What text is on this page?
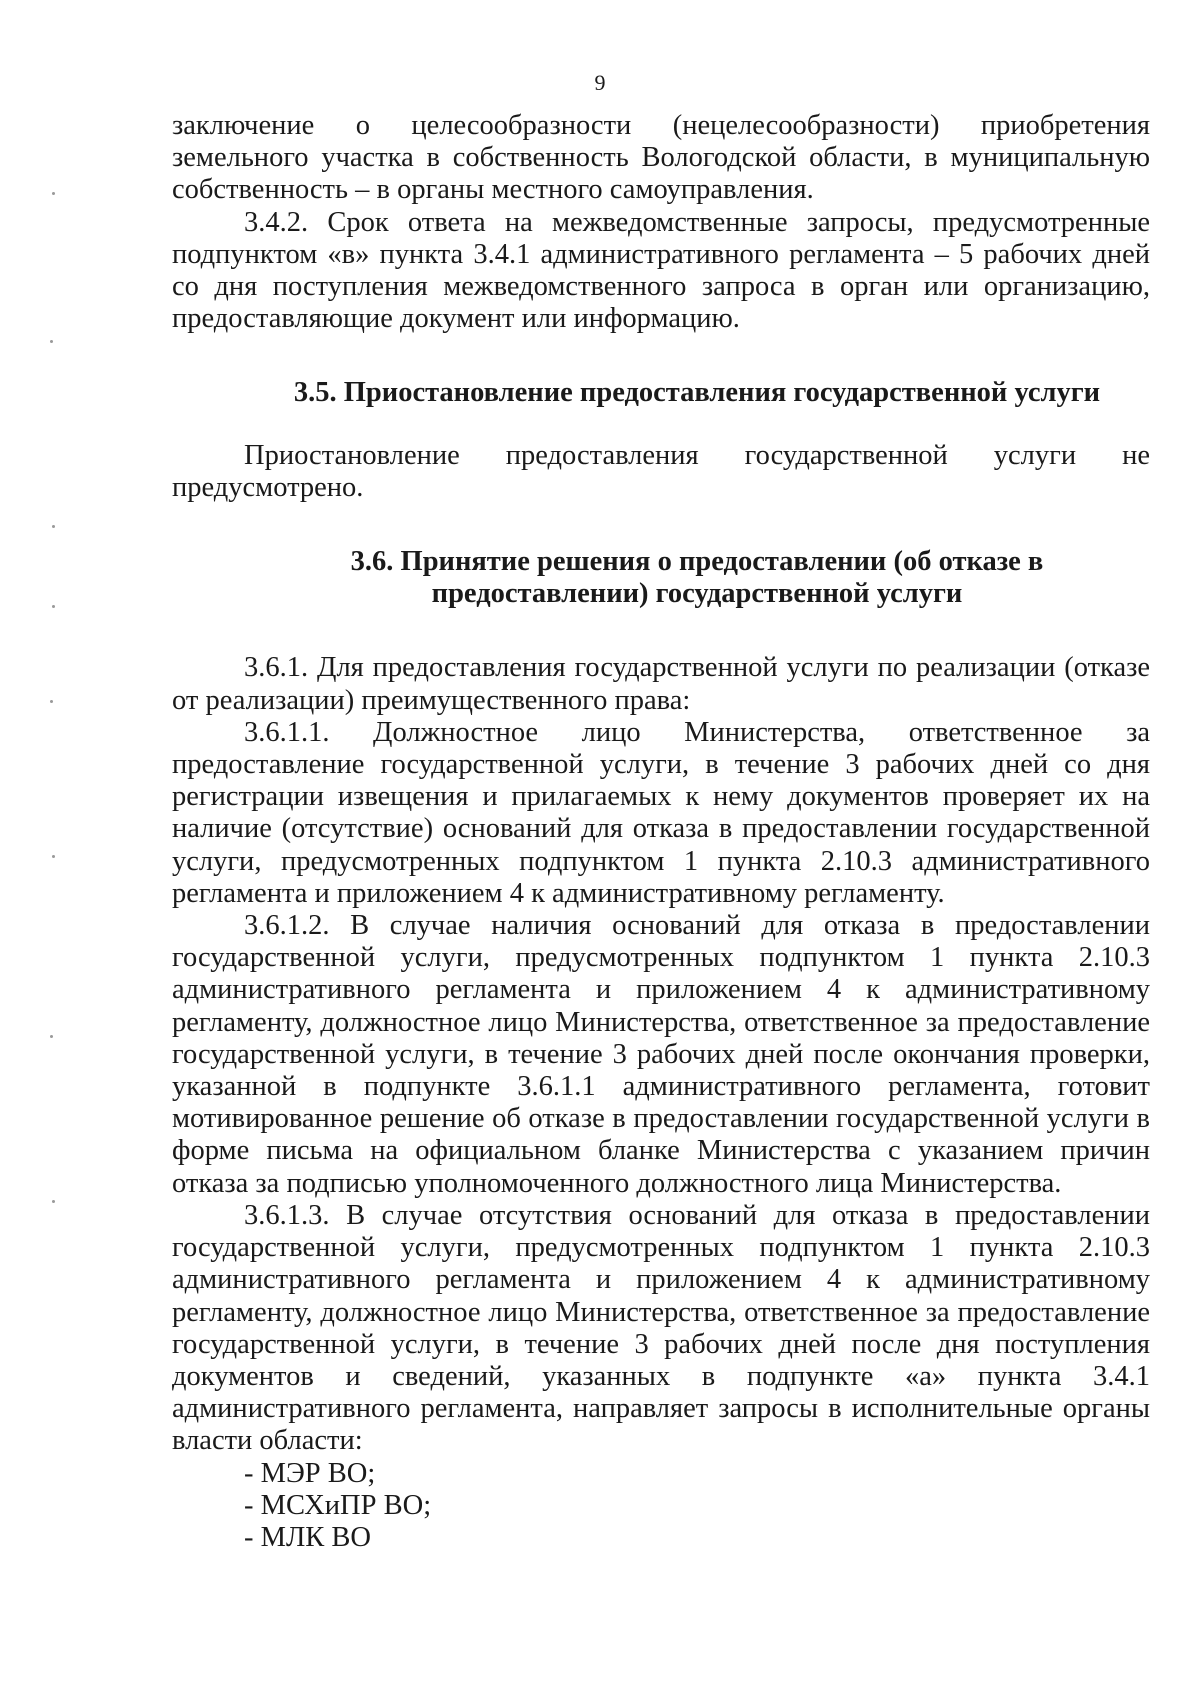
9

заключение о целесообразности (нецелесообразности) приобретения земельного участка в собственность Вологодской области, в муниципальную собственность – в органы местного самоуправления.

3.4.2. Срок ответа на межведомственные запросы, предусмотренные подпунктом «в» пункта 3.4.1 административного регламента – 5 рабочих дней со дня поступления межведомственного запроса в орган или организацию, предоставляющие документ или информацию.

3.5. Приостановление предоставления государственной услуги

Приостановление предоставления государственной услуги не предусмотрено.

3.6. Принятие решения о предоставлении (об отказе в
предоставлении) государственной услуги

3.6.1. Для предоставления государственной услуги по реализации (отказе от реализации) преимущественного права:

3.6.1.1. Должностное лицо Министерства, ответственное за предоставление государственной услуги, в течение 3 рабочих дней со дня регистрации извещения и прилагаемых к нему документов проверяет их на наличие (отсутствие) оснований для отказа в предоставлении государственной услуги, предусмотренных подпунктом 1 пункта 2.10.3 административного регламента и приложением 4 к административному регламенту.

3.6.1.2. В случае наличия оснований для отказа в предоставлении государственной услуги, предусмотренных подпунктом 1 пункта 2.10.3 административного регламента и приложением 4 к административному регламенту, должностное лицо Министерства, ответственное за предоставление государственной услуги, в течение 3 рабочих дней после окончания проверки, указанной в подпункте 3.6.1.1 административного регламента, готовит мотивированное решение об отказе в предоставлении государственной услуги в форме письма на официальном бланке Министерства с указанием причин отказа за подписью уполномоченного должностного лица Министерства.

3.6.1.3. В случае отсутствия оснований для отказа в предоставлении государственной услуги, предусмотренных подпунктом 1 пункта 2.10.3 административного регламента и приложением 4 к административному регламенту, должностное лицо Министерства, ответственное за предоставление государственной услуги, в течение 3 рабочих дней после дня поступления документов и сведений, указанных в подпункте «а» пункта 3.4.1 административного регламента, направляет запросы в исполнительные органы власти области:

- МЭР ВО;
- МСХиПР ВО;
- МЛК ВО
